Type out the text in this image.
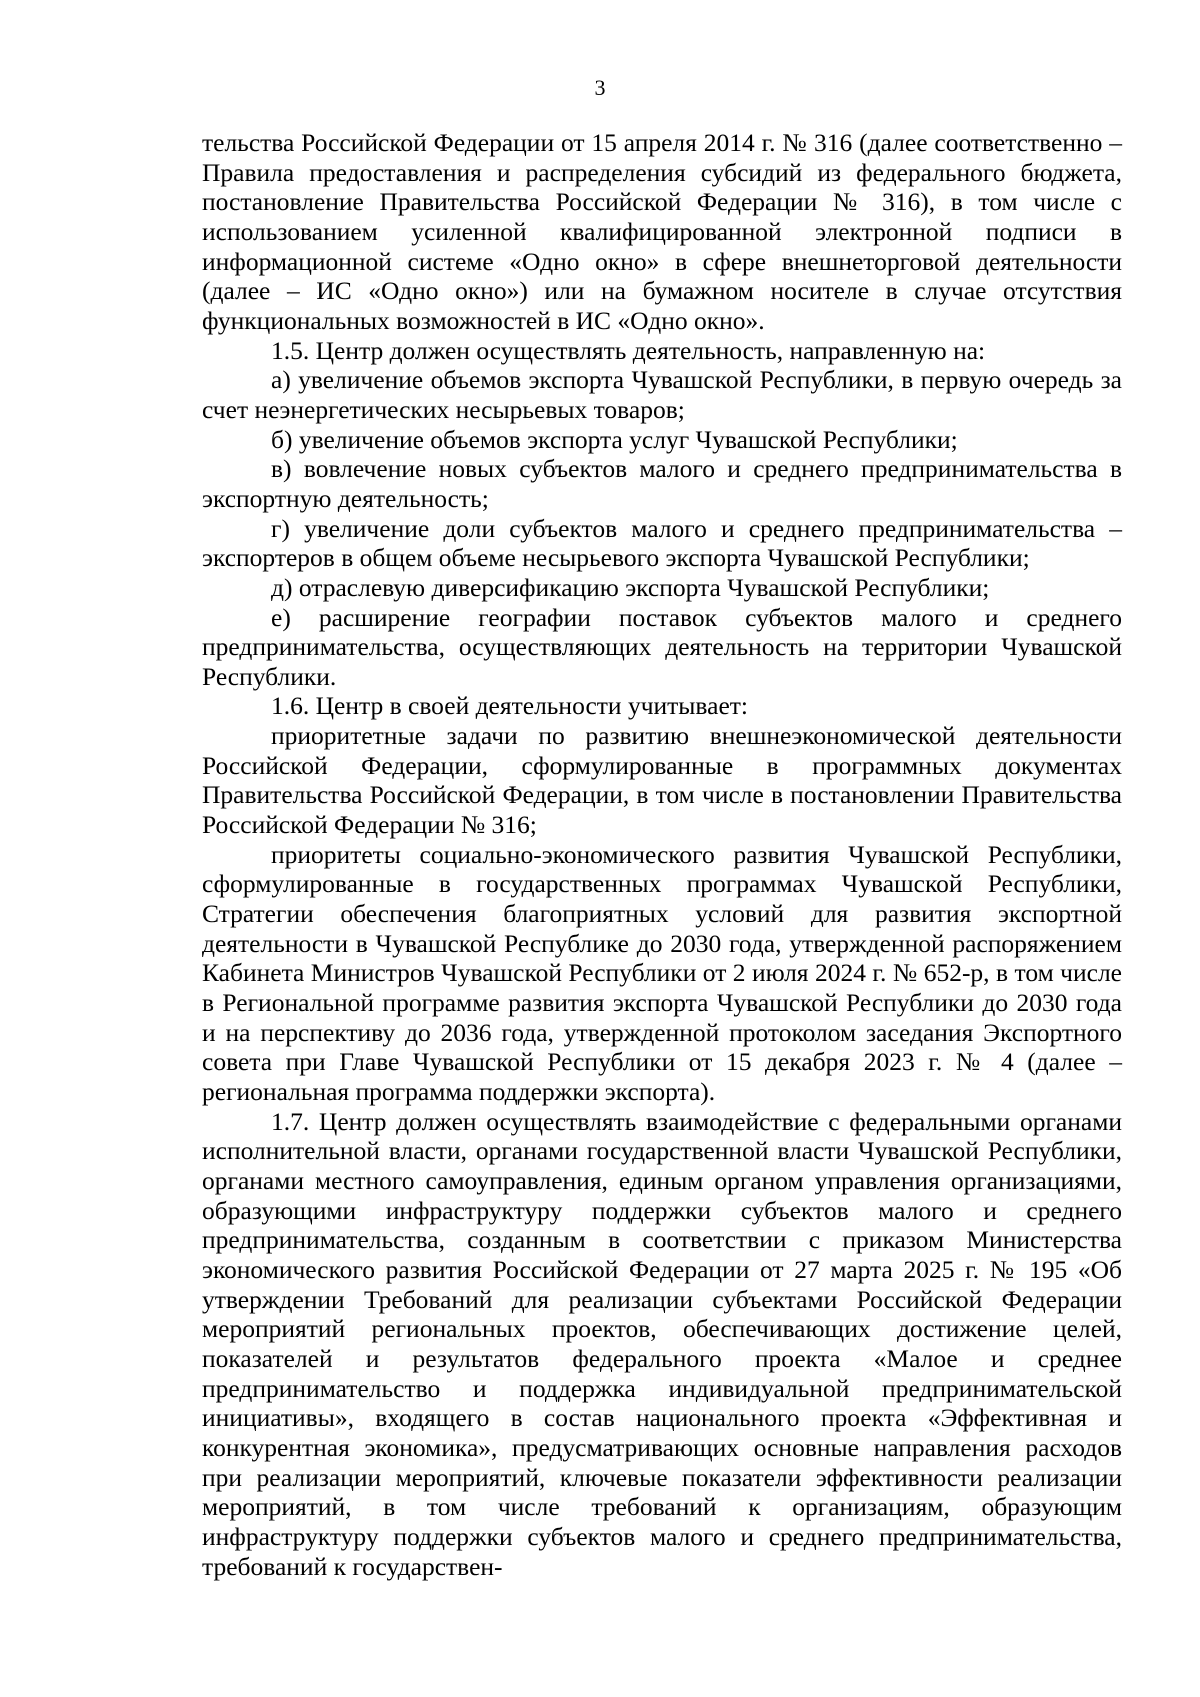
3

тельства Российской Федерации от 15 апреля 2014 г. № 316 (далее соответственно – Правила предоставления и распределения субсидий из федерального бюджета, постановление Правительства Российской Федерации № 316), в том числе с использованием усиленной квалифицированной электронной подписи в информационной системе «Одно окно» в сфере внешнеторговой деятельности (далее – ИС «Одно окно») или на бумажном носителе в случае отсутствия функциональных возможностей в ИС «Одно окно».

1.5. Центр должен осуществлять деятельность, направленную на:

а) увеличение объемов экспорта Чувашской Республики, в первую очередь за счет неэнергетических несырьевых товаров;

б) увеличение объемов экспорта услуг Чувашской Республики;

в) вовлечение новых субъектов малого и среднего предпринимательства в экспортную деятельность;

г) увеличение доли субъектов малого и среднего предпринимательства – экспортеров в общем объеме несырьевого экспорта Чувашской Республики;

д) отраслевую диверсификацию экспорта Чувашской Республики;

е) расширение географии поставок субъектов малого и среднего предпринимательства, осуществляющих деятельность на территории Чувашской Республики.

1.6. Центр в своей деятельности учитывает:

приоритетные задачи по развитию внешнеэкономической деятельности Российской Федерации, сформулированные в программных документах Правительства Российской Федерации, в том числе в постановлении Правительства Российской Федерации № 316;

приоритеты социально-экономического развития Чувашской Республики, сформулированные в государственных программах Чувашской Республики, Стратегии обеспечения благоприятных условий для развития экспортной деятельности в Чувашской Республике до 2030 года, утвержденной распоряжением Кабинета Министров Чувашской Республики от 2 июля 2024 г. № 652-р, в том числе в Региональной программе развития экспорта Чувашской Республики до 2030 года и на перспективу до 2036 года, утвержденной протоколом заседания Экспортного совета при Главе Чувашской Республики от 15 декабря 2023 г. № 4 (далее – региональная программа поддержки экспорта).

1.7. Центр должен осуществлять взаимодействие с федеральными органами исполнительной власти, органами государственной власти Чувашской Республики, органами местного самоуправления, единым органом управления организациями, образующими инфраструктуру поддержки субъектов малого и среднего предпринимательства, созданным в соответствии с приказом Министерства экономического развития Российской Федерации от 27 марта 2025 г. № 195 «Об утверждении Требований для реализации субъектами Российской Федерации мероприятий региональных проектов, обеспечивающих достижение целей, показателей и результатов федерального проекта «Малое и среднее предпринимательство и поддержка индивидуальной предпринимательской инициативы», входящего в состав национального проекта «Эффективная и конкурентная экономика», предусматривающих основные направления расходов при реализации мероприятий, ключевые показатели эффективности реализации мероприятий, в том числе требований к организациям, образующим инфраструктуру поддержки субъектов малого и среднего предпринимательства, требований к государствен-
